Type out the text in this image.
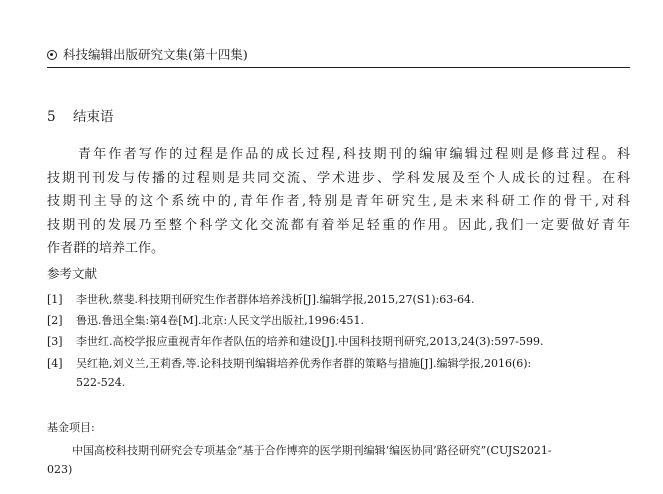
科技编辑出版研究文集(第十四集)
5 结束语
青年作者写作的过程是作品的成长过程,科技期刊的编审编辑过程则是修葺过程。科
技期刊刊发与传播的过程则是共同交流、学术进步、学科发展及至个人成长的过程。在科
技期刊主导的这个系统中的,青年作者,特别是青年研究生,是未来科研工作的骨干,对科
技期刊的发展乃至整个科学文化交流都有着举足轻重的作用。因此,我们一定要做好青年
作者群的培养工作。
参考文献
[1]	李世秋,蔡斐.科技期刊研究生作者群体培养浅析[J].编辑学报,2015,27(S1):63-64.
[2]	鲁迅.鲁迅全集:第4卷[M].北京:人民文学出版社,1996:451.
[3]	李世红.高校学报应重视青年作者队伍的培养和建设[J].中国科技期刊研究,2013,24(3):597-599.
[4]	吴红艳,刘义兰,王莉香,等.论科技期刊编辑培养优秀作者群的策略与措施[J].编辑学报,2016(6):
522-524.
基金项目:
中国高校科技期刊研究会专项基金“基于合作博弈的医学期刊编辑‘编医协同’路径研究”(CUJS2021-
023)
